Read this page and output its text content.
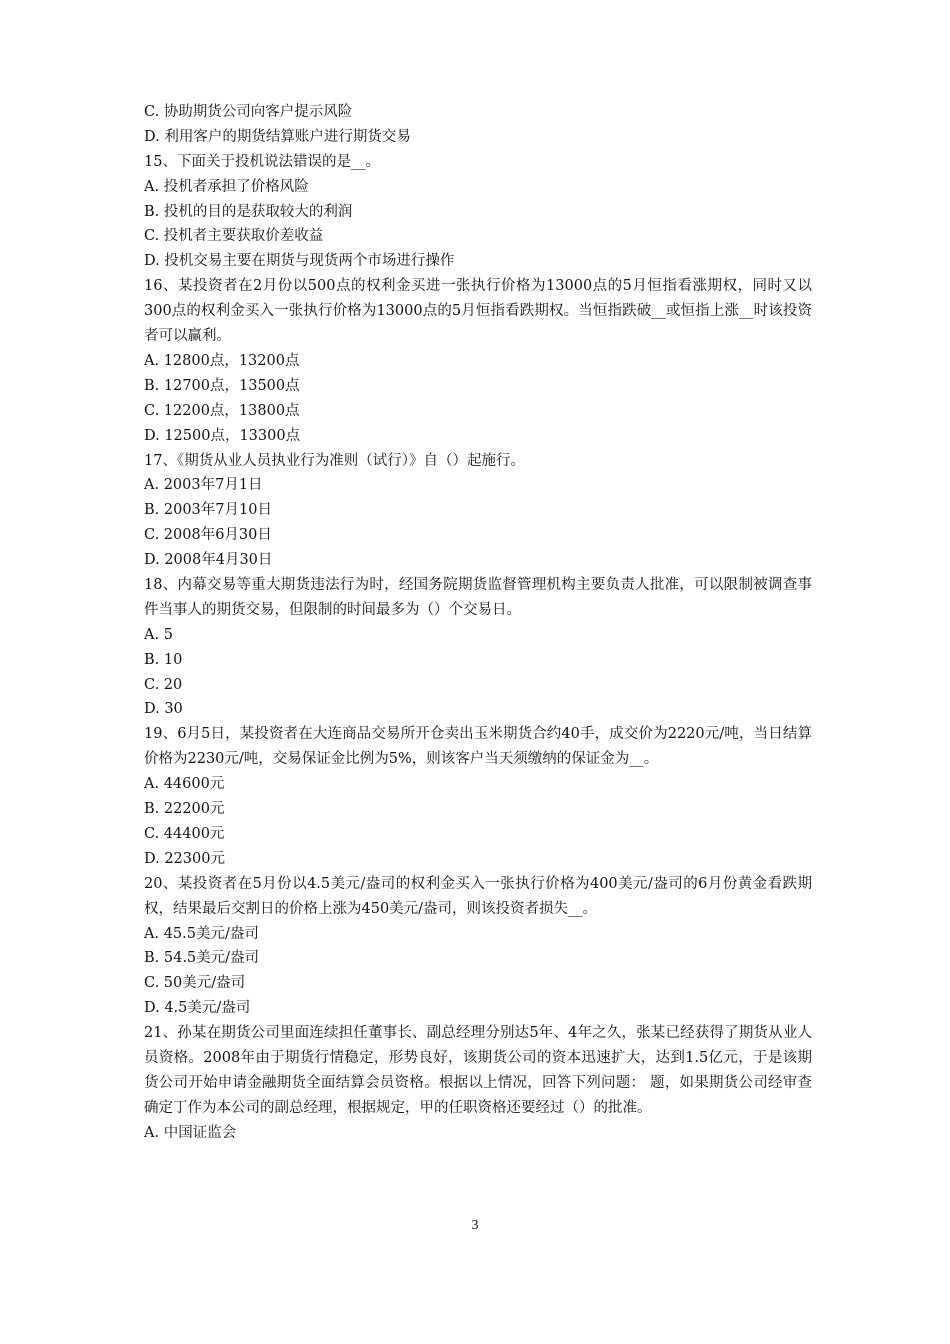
C. 协助期货公司向客户提示风险
D. 利用客户的期货结算账户进行期货交易
15、下面关于投机说法错误的是__。
A. 投机者承担了价格风险
B. 投机的目的是获取较大的利润
C. 投机者主要获取价差收益
D. 投机交易主要在期货与现货两个市场进行操作
16、某投资者在2月份以500点的权利金买进一张执行价格为13000点的5月恒指看涨期权，同时又以300点的权利金买入一张执行价格为13000点的5月恒指看跌期权。当恒指跌破__或恒指上涨__时该投资者可以赢利。
A. 12800点，13200点
B. 12700点，13500点
C. 12200点，13800点
D. 12500点，13300点
17、《期货从业人员执业行为准则（试行）》自（）起施行。
A. 2003年7月1日
B. 2003年7月10日
C. 2008年6月30日
D. 2008年4月30日
18、内幕交易等重大期货违法行为时，经国务院期货监督管理机构主要负责人批准，可以限制被调查事件当事人的期货交易，但限制的时间最多为（）个交易日。
A. 5
B. 10
C. 20
D. 30
19、6月5日，某投资者在大连商品交易所开仓卖出玉米期货合约40手，成交价为2220元/吨，当日结算价格为2230元/吨，交易保证金比例为5%，则该客户当天须缴纳的保证金为__。
A. 44600元
B. 22200元
C. 44400元
D. 22300元
20、某投资者在5月份以4.5美元/盎司的权利金买入一张执行价格为400美元/盎司的6月份黄金看跌期权，结果最后交割日的价格上涨为450美元/盎司，则该投资者损失__。
A. 45.5美元/盎司
B. 54.5美元/盎司
C. 50美元/盎司
D. 4.5美元/盎司
21、孙某在期货公司里面连续担任董事长、副总经理分别达5年、4年之久，张某已经获得了期货从业人员资格。2008年由于期货行情稳定，形势良好，该期货公司的资本迅速扩大，达到1.5亿元，于是该期货公司开始申请金融期货全面结算会员资格。根据以上情况，回答下列问题： 题，如果期货公司经审查确定丁作为本公司的副总经理，根据规定，甲的任职资格还要经过（）的批准。
A. 中国证监会
3
